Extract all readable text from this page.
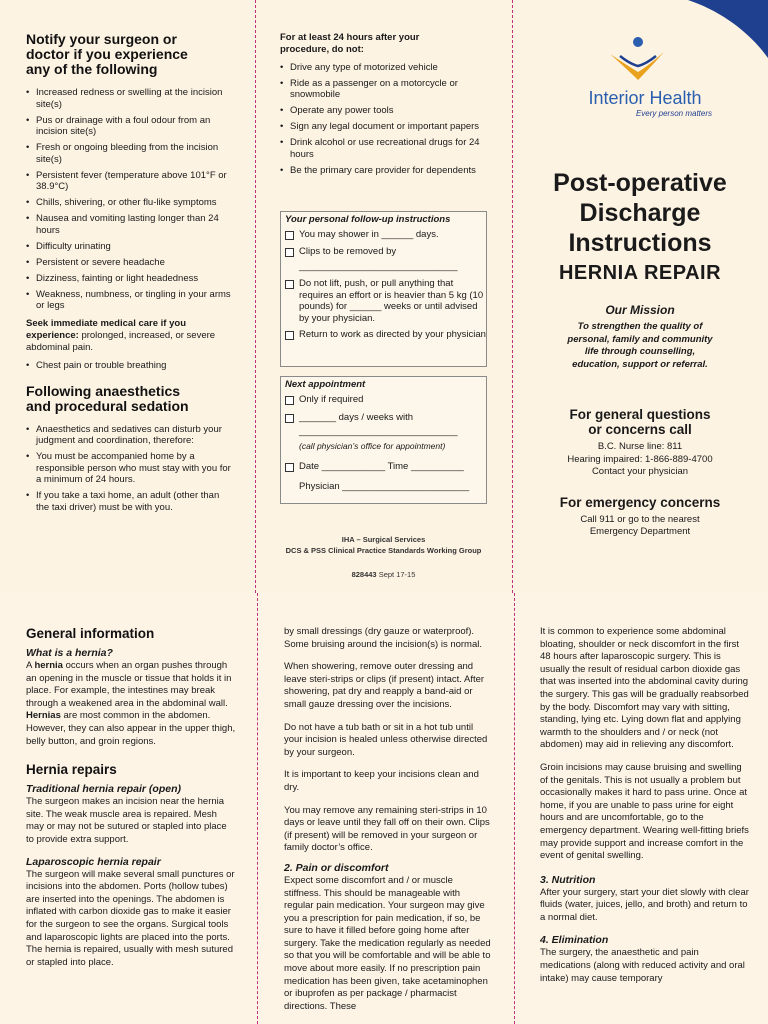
Notify your surgeon or
doctor if you experience
any of the following
• Increased redness or swelling at the incision site(s)
• Pus or drainage with a foul odour from an incision site(s)
• Fresh or ongoing bleeding from the incision site(s)
• Persistent fever (temperature above 101°F or 38.9°C)
• Chills, shivering, or other flu-like symptoms
• Nausea and vomiting lasting longer than 24 hours
• Difficulty urinating
• Persistent or severe headache
• Dizziness, fainting or light headedness
• Weakness, numbness, or tingling in your arms or legs

Seek immediate medical care if you experience: prolonged, increased, or severe abdominal pain.

• Chest pain or trouble breathing
Following anaesthetics
and procedural sedation
• Anaesthetics and sedatives can disturb your judgment and coordination, therefore:
• You must be accompanied home by a responsible person who must stay with you for a minimum of 24 hours.
• If you take a taxi home, an adult (other than the taxi driver) must be with you.

For at least 24 hours after your
procedure, do not:

• Drive any type of motorized vehicle
• Ride as a passenger on a motorcycle or snowmobile
• Operate any power tools
• Sign any legal document or important papers
• Drink alcohol or use recreational drugs for 24 hours
• Be the primary care provider for dependents
Your personal follow-up instructions
You may shower in ______ days.
Clips to be removed by
______________________________
Do not lift, push, or pull anything that requires an effort or is heavier than 5 kg (10 pounds) for ______ weeks or until advised by your physician.
Return to work as directed by your physician
Next appointment
Only if required
_______ days / weeks with
______________________________
(call physician’s office for appointment)
Date ____________ Time __________
Physician ________________________
IHA – Surgical Services
DCS & PSS Clinical Practice Standards Working Group
828443 Sept 17-15
Interior Health
Every person matters
Post-operative
Discharge
Instructions
HERNIA REPAIR
Our Mission
To strengthen the quality of
personal, family and community
life through counselling,
education, support or referral.
For general questions
or concerns call
B.C. Nurse line: 811
Hearing impaired: 1-866-889-4700
Contact your physician
For emergency concerns
Call 911 or go to the nearest
Emergency Department
General information
What is a hernia?

A hernia occurs when an organ pushes through an opening in the muscle or tissue that holds it in place. For example, the intestines may break through a weakened area in the abdominal wall. Hernias are most common in the abdomen. However, they can also appear in the upper thigh, belly button, and groin regions.

Hernia repairs
Traditional hernia repair (open)

The surgeon makes an incision near the hernia site. The weak muscle area is repaired. Mesh may or may not be sutured or stapled into place to provide extra support.

Laparoscopic hernia repair

The surgeon will make several small punctures or incisions into the abdomen. Ports (hollow tubes) are inserted into the openings. The abdomen is inflated with carbon dioxide gas to make it easier for the surgeon to see the organs. Surgical tools and laparoscopic lights are placed into the ports. The hernia is repaired, usually with mesh sutured or stapled into place.

by small dressings (dry gauze or waterproof). Some bruising around the incision(s) is normal.

When showering, remove outer dressing and leave steri-strips or clips (if present) intact. After showering, pat dry and reapply a band-aid or small gauze dressing over the incisions.

Do not have a tub bath or sit in a hot tub until your incision is healed unless otherwise directed by your surgeon.

It is important to keep your incisions clean and dry.

You may remove any remaining steri-strips in 10 days or leave until they fall off on their own. Clips (if present) will be removed in your surgeon or family doctor’s office.

2. Pain or discomfort

Expect some discomfort and / or muscle stiffness. This should be manageable with regular pain medication. Your surgeon may give you a prescription for pain medication, if so, be sure to have it filled before going home after surgery. Take the medication regularly as needed so that you will be comfortable and will be able to move about more easily. If no prescription pain medication has been given, take acetaminophen or ibuprofen as per package / pharmacist directions. These

It is common to experience some abdominal bloating, shoulder or neck discomfort in the first 48 hours after laparoscopic surgery. This is usually the result of residual carbon dioxide gas that was inserted into the abdominal cavity during the surgery. This gas will be gradually reabsorbed by the body. Discomfort may vary with sitting, standing, lying etc. Lying down flat and applying warmth to the shoulders and / or neck (not abdomen) may aid in relieving any discomfort.

Groin incisions may cause bruising and swelling of the genitals. This is not usually a problem but occasionally makes it hard to pass urine. Once at home, if you are unable to pass urine for eight hours and are uncomfortable, go to the emergency department. Wearing well-fitting briefs may provide support and increase comfort in the event of genital swelling.

3. Nutrition

After your surgery, start your diet slowly with clear fluids (water, juices, jello, and broth) and return to a normal diet.

4. Elimination

The surgery, the anaesthetic and pain medications (along with reduced activity and oral intake) may cause temporary
